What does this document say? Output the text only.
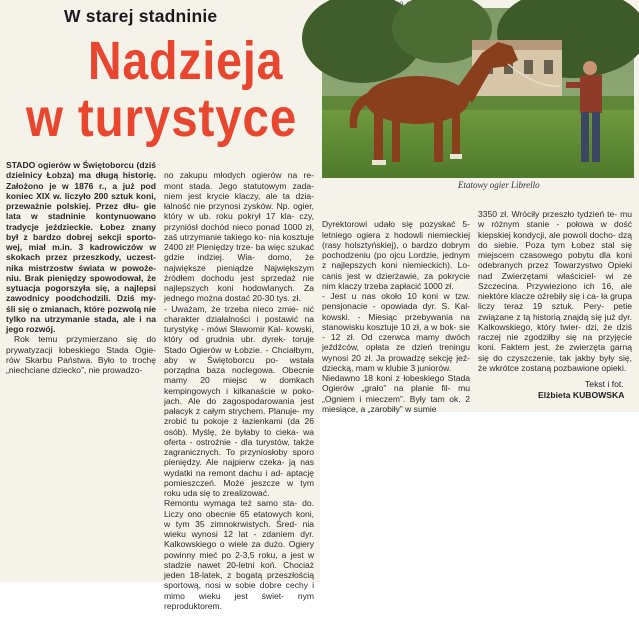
W starej stadninie

Nadzieja

w turystyce

Etatowy ogier Librello

STADO ogierów w Świętoborcu (dziś dzielnicy Łobza) ma długą historię. Założono je w 1876 r., a już pod koniec XIX w. liczyło 200 sztuk koni, przeważnie polskiej. Przez dłu- gie lata w stadninie kontynuowano tradycje jeździeckie. Łobez znany był z bardzo dobrej sekcji sporto- wej, miał m.in. 3 kadrowiczów w skokach przez przeszkody, uczest- nika mistrzostw świata w powoże- niu. Brak pieniędzy spowodował, że sytuacja pogorszyła się, a najlepsi zawodnicy poodchodzili. Dziś my- śli się o zmianach, które pozwolą nie tylko na utrzymanie stada, ale i na jego rozwój.

Rok temu przymierzano się do prywatyzacji łobeskiego Stada Ogie- rów Skarbu Państwa. Było to trochę „niechciane dziecko”, nie prowadzo-

no zakupu młodych ogierów na re- mont stada. Jego statutowym zada- niem jest krycie klaczy, ale ta dzia- łalność nie przynosi zysków. Np. ogier, który w ub. roku pokrył 17 kla- czy, przyniósł dochód nieco ponad 1000 zł, zaś utrzymanie takiego ko- nia kosztuje 2400 zł! Pieniędzy trze- ba więc szukać gdzie indziej. Wia- domo, że największe pieniądze Największym źródłem dochodu jest sprzedaż nie najlepszych koni hodowlanych. Za jednego można dostać 20-30 tys. zł.
- Uważam, że trzeba nieco zmie- nić charakter działalności i postawić na turystykę - mówi Sławomir Kal- kowski, który od grudnia ubr. dyrek- toruje Stado Ogierów w Łobzie. - Chciałbym, aby w Świętoborcu po- wstała porządna baza noclegowa. Obecnie mamy 20 miejsc w domkach kempingowych i kilkanaście w poko- jach. Ale do zagospodarowania jest pałacyk z całym strychem. Planuje- my zrobić tu pokoje z łazienkami (da 26 osób). Myślę, że byłaby to cieka- wa oferta - ostrożnie - dla turystów, także zagranicznych. To przyniosłoby sporo pieniędzy. Ale najpierw czeka- ją nas wydatki na remont dachu i ad- aptację pomieszczeń. Może jeszcze w tym roku uda się to zrealizować.
Remontu wymaga też samo sta- do. Liczy ono obecnie 65 etatowych koni, w tym 35 zimnokrwistych. Śred- nia wieku wynosi 12 lat - zdaniem dyr. Kalkowskiego o wiele za dużo. Ogiery powinny mieć po 2-3,5 roku, a jest w stadzie nawet 20-letni koń. Chociaż jeden 18-latek, z bogatą przeszłością sportową, nosi w sobie dobre cechy i mimo wieku jest świet- nym reproduktorem.

Dyrektorowi udało się pozyskać 5-letniego ogiera z hodowli niemieckiej (rasy holsztyńskiej), o bardzo dobrym pochodzeniu (po ojcu Lordzie, jednym z najlepszych koni niemieckich). Lo- canis jest w dzierżawie, za pokrycie nim klaczy trzeba zapłacić 1000 zł.
- Jest u nas około 10 koni w tzw. pensjonacie - opowiada dyr. S. Kal- kowski. - Miesiąc przebywania na stanowisku kosztuje 10 zł, a w bok- sie - 12 zł. Od czerwca mamy dwóch jeźdźców, opłata ze dzień treningu wynosi 20 zł. Ja prowadzę sekcję jeź- dziecką, mam w klubie 3 juniorów.
Niedawno 18 koni z łobeskiego Stada Ogierów „grało” na planie fil- mu „Ogniem i mieczem”. Były tam ok. 2 miesiące, a „zarobiły” w sumie

3350 zł. Wróciły przeszło tydzień te- mu w różnym stanie - połowa w dość kiepskiej kondycji, ale powoli docho- dzą do siebie. Poza tym Łobez stal się miejscem czasowego pobytu dla koni odebranych przez Towarzystwo Opieki nad Zwierzętami właściciel- wi ze Szczecina. Przywieziono ich 16, ale niektóre klacze oźrebiły się i ca- ła grupa liczy teraz 19 sztuk. Pery- petie związane z tą historią znajdą się już dyr. Kalkowskiego, który twier- dzi, że dziś raczej nie zgodziłby się na przyjęcie koni. Faktem jest, że zwierzęta garną się do czyszczenie, tak jakby były się, że wkrótce zostaną pozbawione opieki.

Tekst i fot.

Elżbieta KUBOWSKA
